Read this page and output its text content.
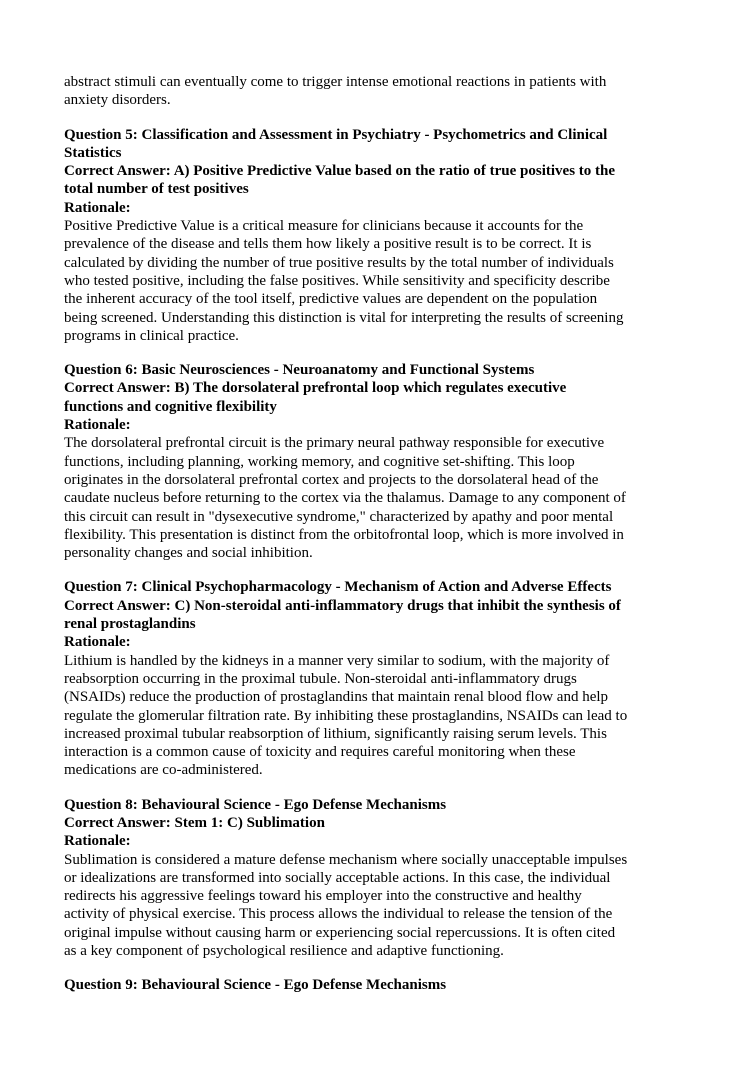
abstract stimuli can eventually come to trigger intense emotional reactions in patients with
anxiety disorders.

Question 5: Classification and Assessment in Psychiatry - Psychometrics and Clinical
Statistics

Correct Answer: A) Positive Predictive Value based on the ratio of true positives to the
total number of test positives

Rationale:

Positive Predictive Value is a critical measure for clinicians because it accounts for the
prevalence of the disease and tells them how likely a positive result is to be correct. It is
calculated by dividing the number of true positive results by the total number of individuals
who tested positive, including the false positives. While sensitivity and specificity describe
the inherent accuracy of the tool itself, predictive values are dependent on the population
being screened. Understanding this distinction is vital for interpreting the results of screening
programs in clinical practice.

Question 6: Basic Neurosciences - Neuroanatomy and Functional Systems

Correct Answer: B) The dorsolateral prefrontal loop which regulates executive
functions and cognitive flexibility

Rationale:

The dorsolateral prefrontal circuit is the primary neural pathway responsible for executive
functions, including planning, working memory, and cognitive set-shifting. This loop
originates in the dorsolateral prefrontal cortex and projects to the dorsolateral head of the
caudate nucleus before returning to the cortex via the thalamus. Damage to any component of
this circuit can result in "dysexecutive syndrome," characterized by apathy and poor mental
flexibility. This presentation is distinct from the orbitofrontal loop, which is more involved in
personality changes and social inhibition.

Question 7: Clinical Psychopharmacology - Mechanism of Action and Adverse Effects

Correct Answer: C) Non-steroidal anti-inflammatory drugs that inhibit the synthesis of
renal prostaglandins

Rationale:

Lithium is handled by the kidneys in a manner very similar to sodium, with the majority of
reabsorption occurring in the proximal tubule. Non-steroidal anti-inflammatory drugs
(NSAIDs) reduce the production of prostaglandins that maintain renal blood flow and help
regulate the glomerular filtration rate. By inhibiting these prostaglandins, NSAIDs can lead to
increased proximal tubular reabsorption of lithium, significantly raising serum levels. This
interaction is a common cause of toxicity and requires careful monitoring when these
medications are co-administered.

Question 8: Behavioural Science - Ego Defense Mechanisms

Correct Answer: Stem 1: C) Sublimation

Rationale:

Sublimation is considered a mature defense mechanism where socially unacceptable impulses
or idealizations are transformed into socially acceptable actions. In this case, the individual
redirects his aggressive feelings toward his employer into the constructive and healthy
activity of physical exercise. This process allows the individual to release the tension of the
original impulse without causing harm or experiencing social repercussions. It is often cited
as a key component of psychological resilience and adaptive functioning.

Question 9: Behavioural Science - Ego Defense Mechanisms
